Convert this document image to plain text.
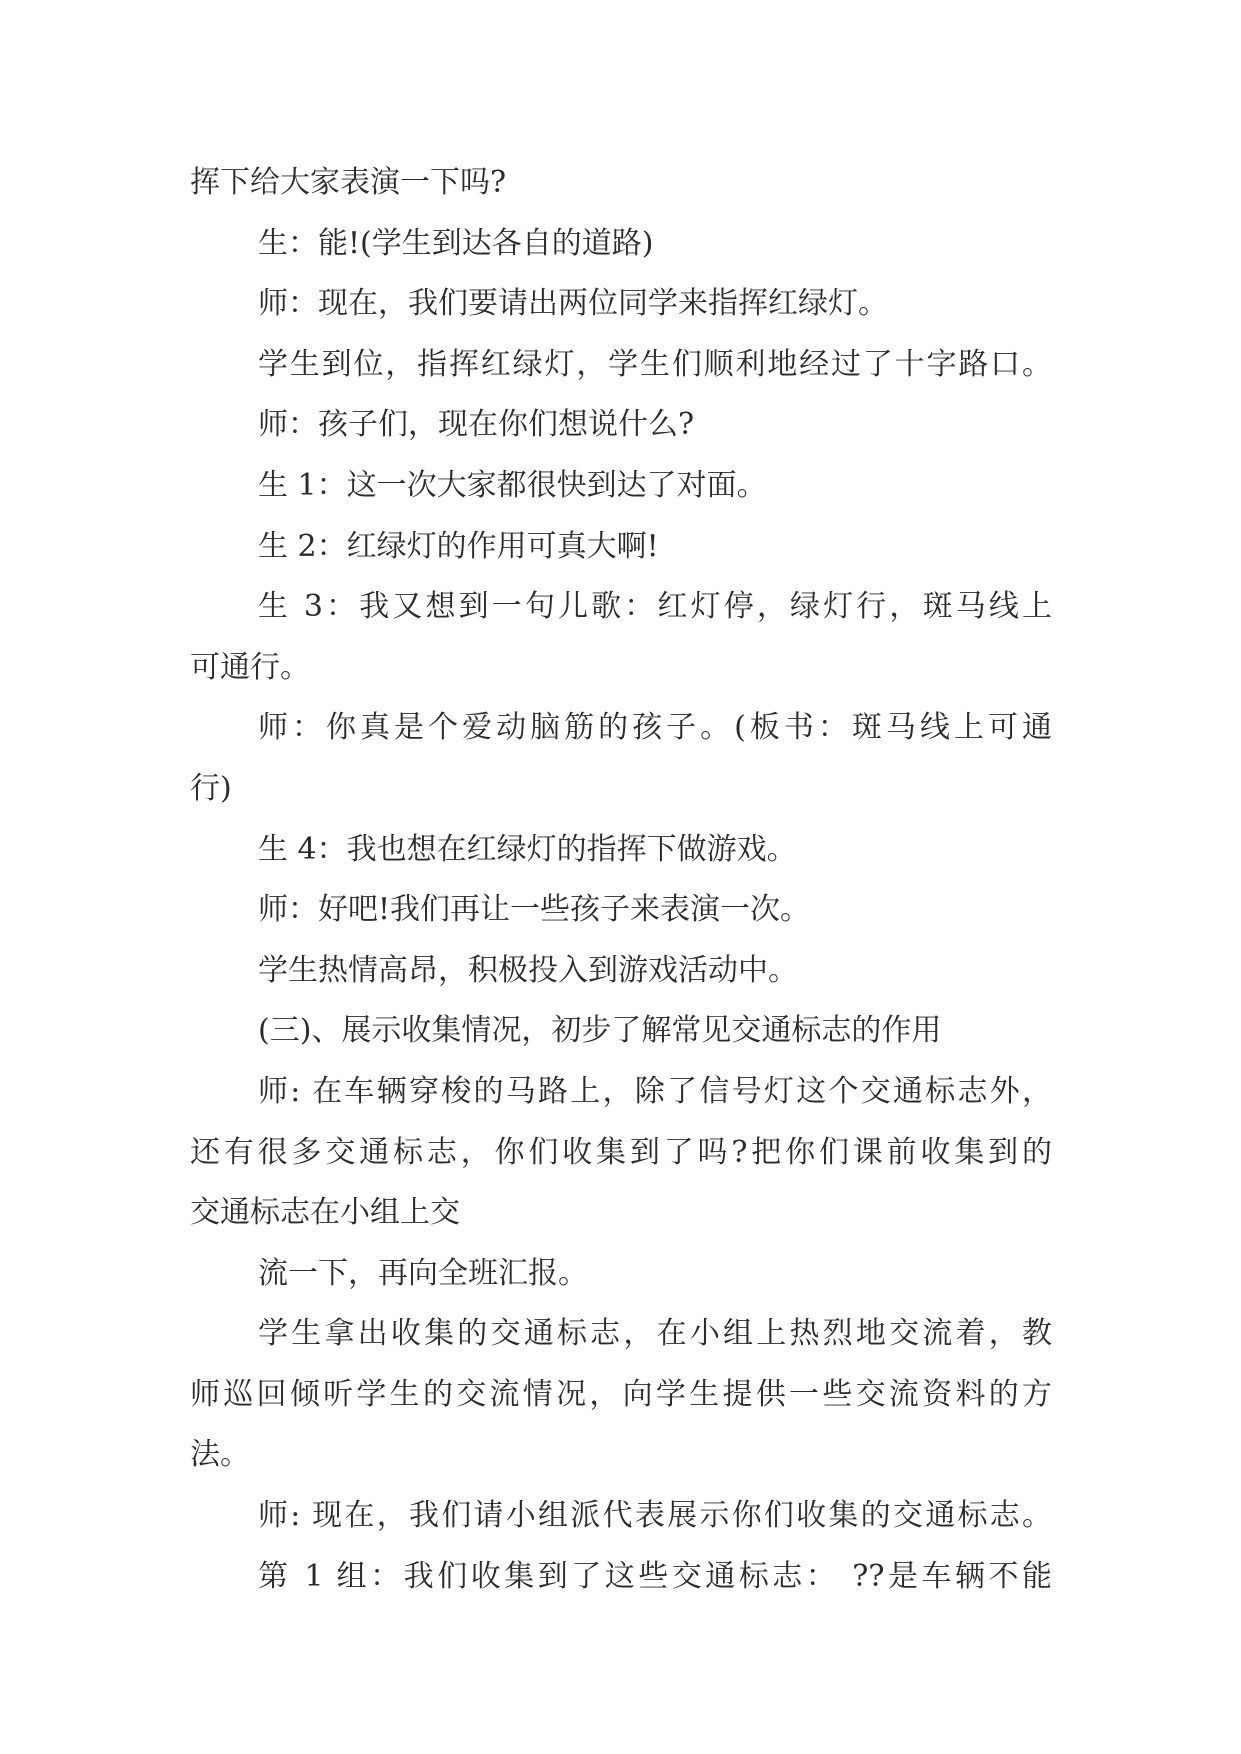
挥下给大家表演一下吗?
生：能!(学生到达各自的道路)
师：现在，我们要请出两位同学来指挥红绿灯。
学生到位，指挥红绿灯，学生们顺利地经过了十字路口。
师：孩子们，现在你们想说什么?
生 1：这一次大家都很快到达了对面。
生 2：红绿灯的作用可真大啊!
生 3：我又想到一句儿歌：红灯停，绿灯行，斑马线上
可通行。
师：你真是个爱动脑筋的孩子。(板书：斑马线上可通
行)
生 4：我也想在红绿灯的指挥下做游戏。
师：好吧!我们再让一些孩子来表演一次。
学生热情高昂，积极投入到游戏活动中。
(三)、展示收集情况，初步了解常见交通标志的作用
师: 在车辆穿梭的马路上，除了信号灯这个交通标志外，
还有很多交通标志，你们收集到了吗?把你们课前收集到的
交通标志在小组上交
流一下，再向全班汇报。
学生拿出收集的交通标志，在小组上热烈地交流着，教
师巡回倾听学生的交流情况，向学生提供一些交流资料的方
法。
师: 现在，我们请小组派代表展示你们收集的交通标志。
第 1 组：我们收集到了这些交通标志： ??是车辆不能
